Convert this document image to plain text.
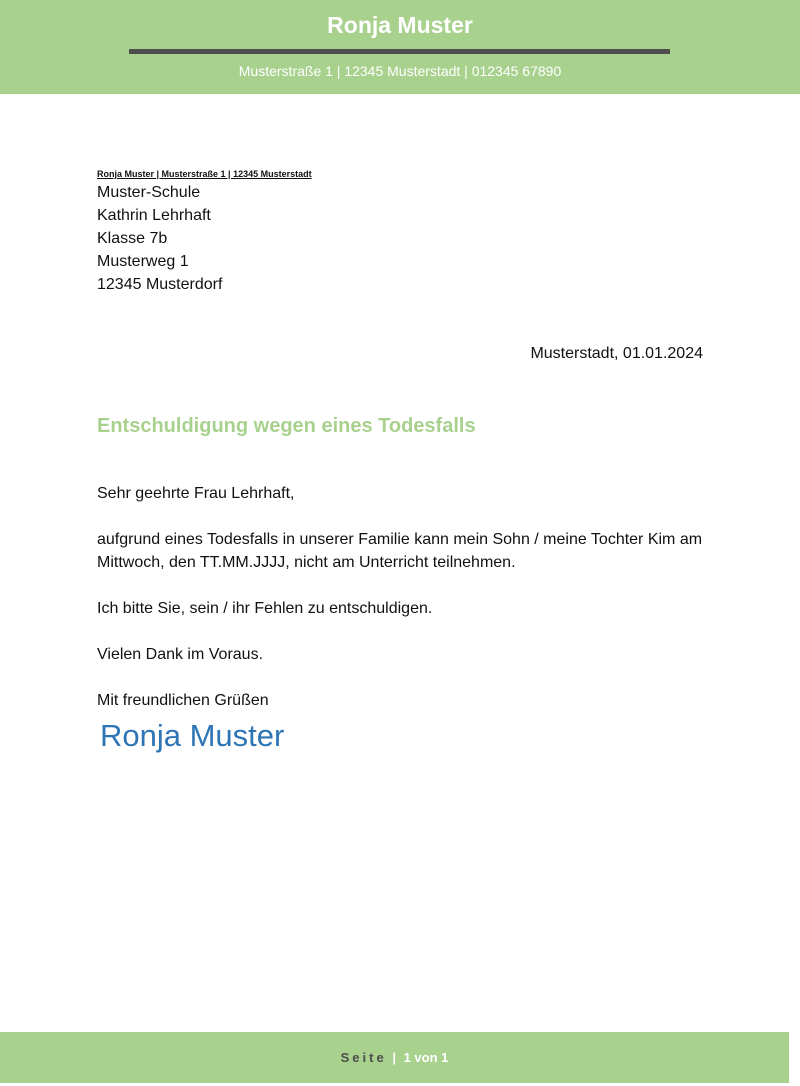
Ronja Muster
Musterstraße 1 | 12345 Musterstadt | 012345 67890
Ronja Muster | Musterstraße 1 | 12345 Musterstadt
Muster-Schule
Kathrin Lehrhaft
Klasse 7b
Musterweg 1
12345 Musterdorf
Musterstadt, 01.01.2024
Entschuldigung wegen eines Todesfalls

Sehr geehrte Frau Lehrhaft,

aufgrund eines Todesfalls in unserer Familie kann mein Sohn / meine Tochter Kim am Mittwoch, den TT.MM.JJJJ, nicht am Unterricht teilnehmen.

Ich bitte Sie, sein / ihr Fehlen zu entschuldigen.

Vielen Dank im Voraus.

Mit freundlichen Grüßen

Ronja Muster
Seite | 1 von 1
